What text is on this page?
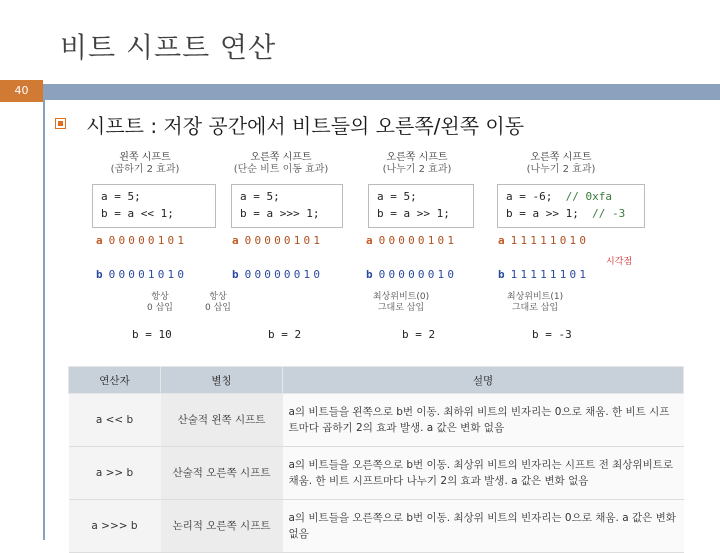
비트 시프트 연산
40
시프트 : 저장 공간에서 비트들의 오른쪽/왼쪽 이동
왼쪽 시프트
(곱하기 2 효과)
a = 5;
b = a << 1;
a 00000101
b 00001010
항상
0 삽입
b = 10
오른쪽 시프트
(단순 비트 이동 효과)
a = 5;
b = a >>> 1;
a 00000101
b 00000010
항상
0 삽입
b = 2
오른쪽 시프트
(나누기 2 효과)
a = 5;
b = a >> 1;
a 00000101
b 00000010
최상위비트(0)
그대로 삽입
b = 2
오른쪽 시프트
(나누기 2 효과)
a = -6; // 0xfa
b = a >> 1; // -3
a 11111010
b 11111101
시각점
최상위비트(1)
그대로 삽입
b = -3
연산자	별칭	설명
a << b	산술적 왼쪽 시프트	a의 비트들을 왼쪽으로 b번 이동. 최하위 비트의 빈자리는 0으로 채움. 한 비트 시프트마다 곱하기 2의 효과 발생. a 값은 변화 없음
a >> b	산술적 오른쪽 시프트	a의 비트들을 오른쪽으로 b번 이동. 최상위 비트의 빈자리는 시프트 전 최상위비트로 채움. 한 비트 시프트마다 나누기 2의 효과 발생. a 값은 변화 없음
a >>> b	논리적 오른쪽 시프트	a의 비트들을 오른쪽으로 b번 이동. 최상위 비트의 빈자리는 0으로 채움. a 값은 변화 없음
